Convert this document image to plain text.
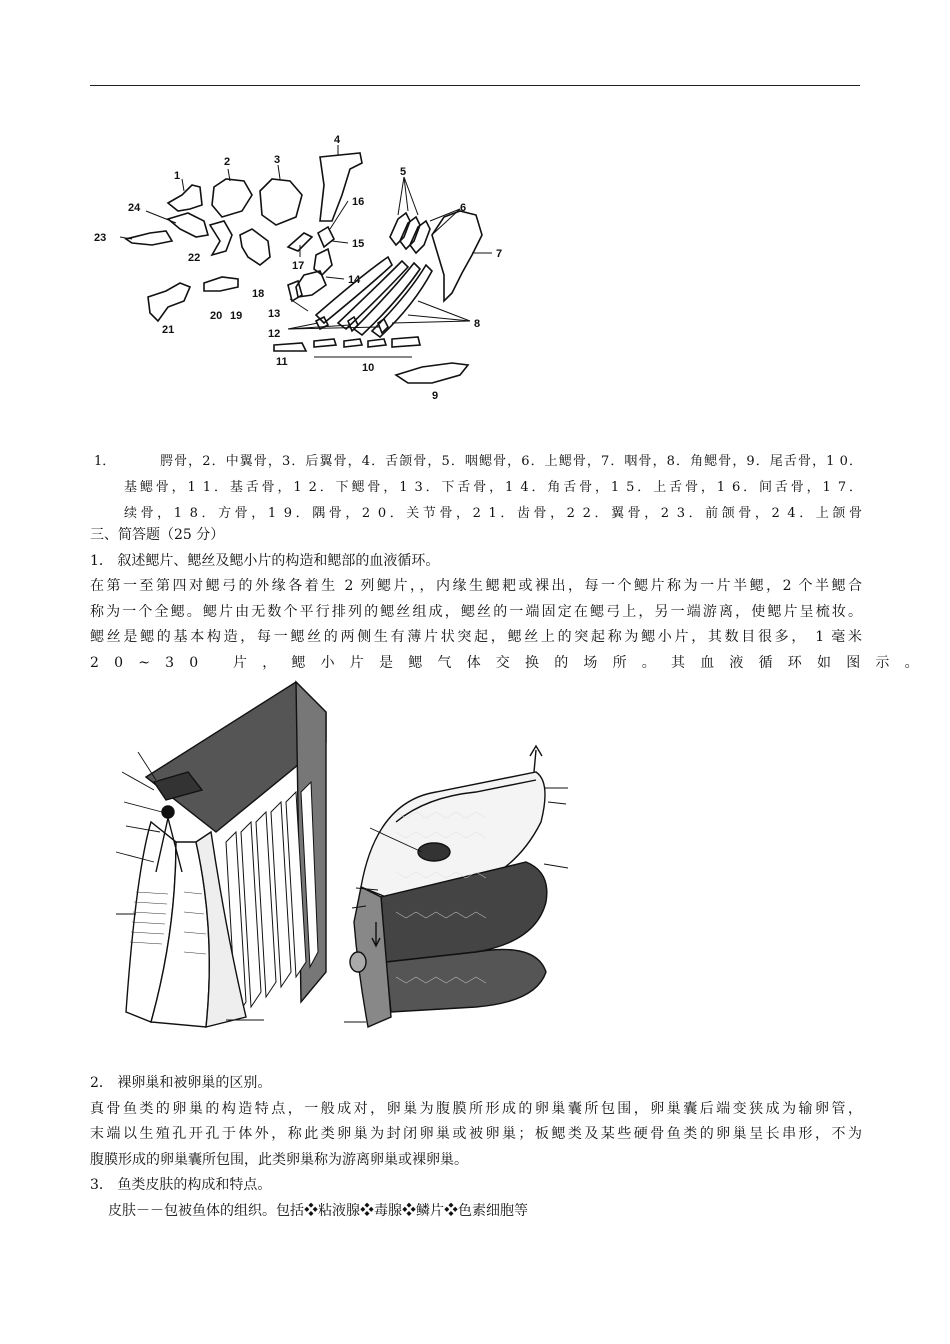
1
2	3
4
5
6
7
8
9
10
11
12
13
14
15
16
17
18
19
20
21
22
23
24
1．	腭骨，2．中翼骨，3．后翼骨，4．舌颌骨，5．咽鳃骨，6．上鳃骨，7．咽骨，8．角鳃骨，9．尾舌骨，1 0．
基鳃骨，1 1．基舌骨，1 2．下鳃骨，1 3．下舌骨，1 4．角舌骨，1 5．上舌骨，1 6．间舌骨，1 7．
续骨，1 8．方骨，1 9．隅骨，2 0．关节骨，2 1．齿骨，2 2．翼骨，2 3．前颌骨，2 4．上颌骨

三、简答题（25 分）

1． 叙述鳃片、鳃丝及鳃小片的构造和鳃部的血液循环。

在第一至第四对鳃弓的外缘各着生 2 列鳃片，，内缘生鳃耙或裸出，每一个鳃片称为一片半鳃，2 个半鳃合

称为一个全鳃。鳃片由无数个平行排列的鳃丝组成，鳃丝的一端固定在鳃弓上，另一端游离，使鳃片呈梳妆。

鳃丝是鳃的基本构造，每一鳃丝的两侧生有薄片状突起，鳃丝上的突起称为鳃小片，其数目很多， 1 毫米

20~30 片，鳃小片是鳃气体交换的场所。其血液循环如图示。

2． 裸卵巢和被卵巢的区别。

真骨鱼类的卵巢的构造特点，一般成对，卵巢为腹膜所形成的卵巢囊所包围，卵巢囊后端变狭成为输卵管，

末端以生殖孔开孔于体外，称此类卵巢为封闭卵巢或被卵巢；板鳃类及某些硬骨鱼类的卵巢呈长串形，不为

腹膜形成的卵巢囊所包围，此类卵巢称为游离卵巢或裸卵巢。

3． 鱼类皮肤的构成和特点。

皮肤－－包被鱼体的组织。包括❖粘液腺❖毒腺❖鳞片❖色素细胞等
